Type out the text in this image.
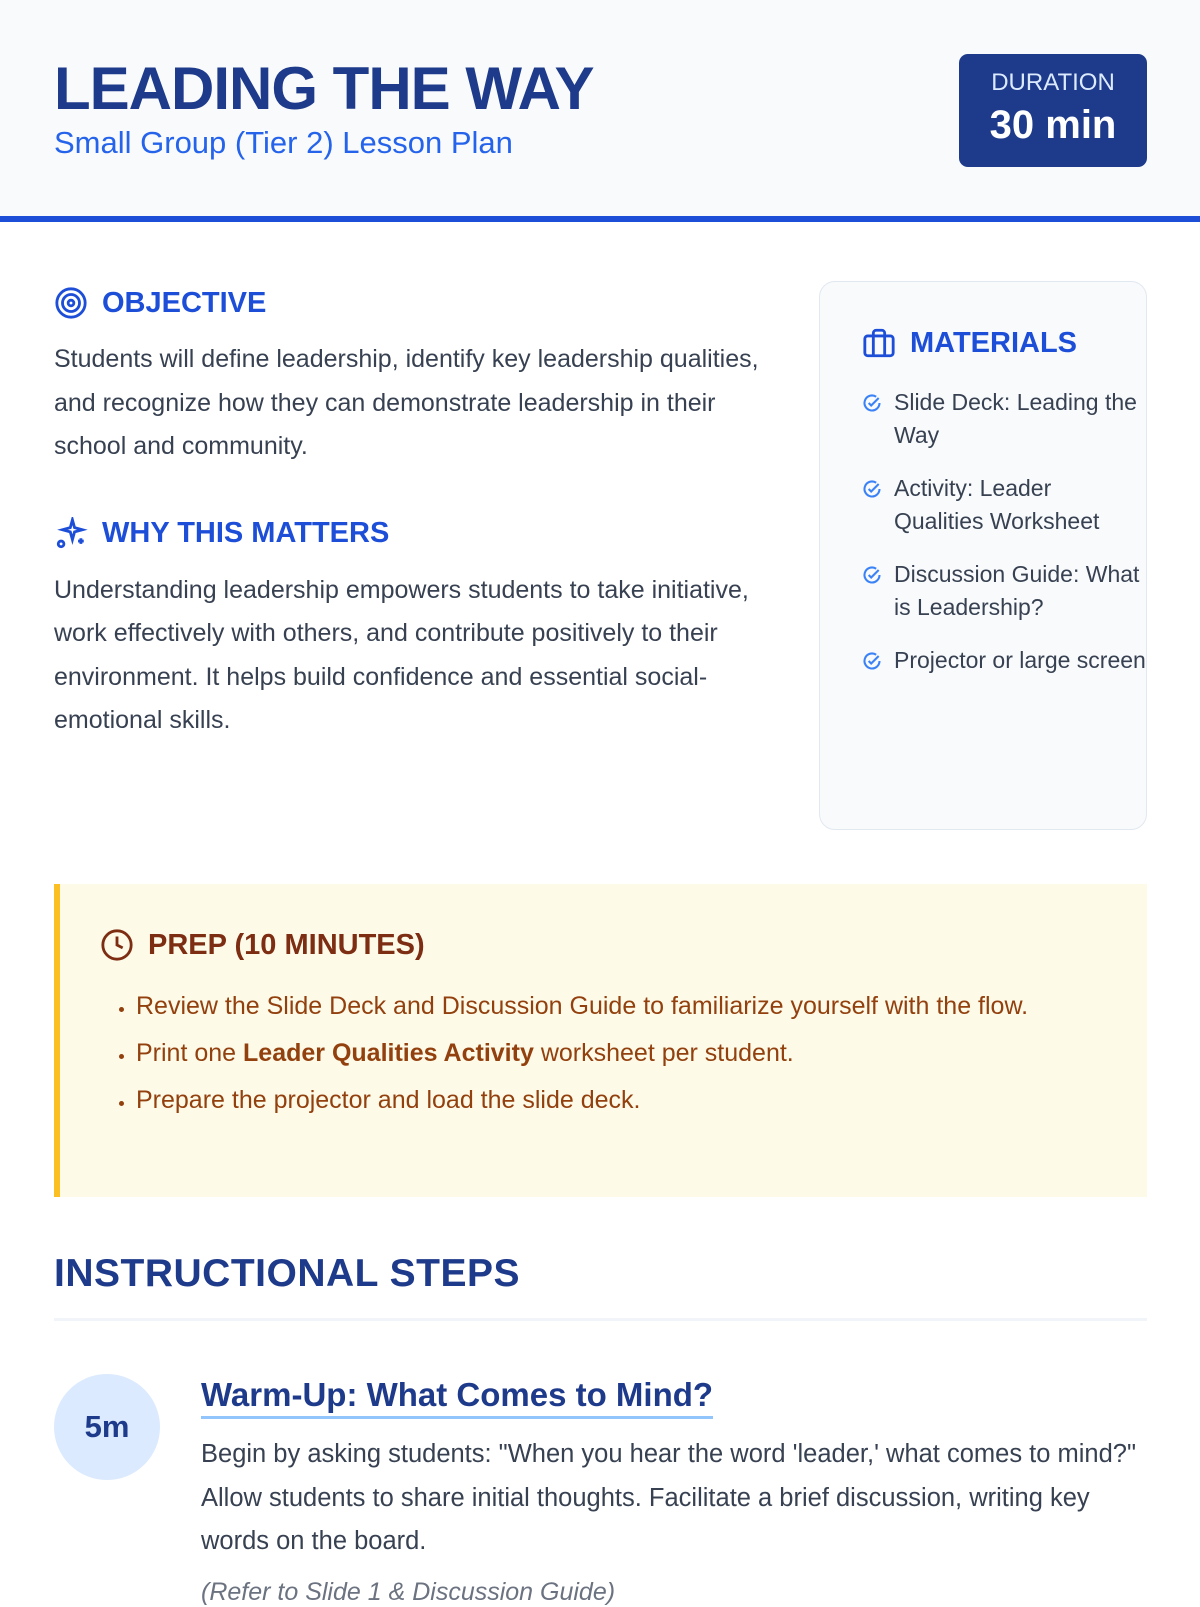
LEADING THE WAY
Small Group (Tier 2) Lesson Plan
DURATION
30 min
OBJECTIVE
Students will define leadership, identify key leadership qualities, and recognize how they can demonstrate leadership in their school and community.
WHY THIS MATTERS
Understanding leadership empowers students to take initiative, work effectively with others, and contribute positively to their environment. It helps build confidence and essential social-emotional skills.
MATERIALS
Slide Deck: Leading the Way
Activity: Leader Qualities Worksheet
Discussion Guide: What is Leadership?
Projector or large screen
PREP (10 MINUTES)
• Review the Slide Deck and Discussion Guide to familiarize yourself with the flow.
• Print one Leader Qualities Activity worksheet per student.
• Prepare the projector and load the slide deck.
INSTRUCTIONAL STEPS
5m
Warm-Up: What Comes to Mind?
Begin by asking students: "When you hear the word 'leader,' what comes to mind?" Allow students to share initial thoughts. Facilitate a brief discussion, writing key words on the board.
(Refer to Slide 1 & Discussion Guide)
